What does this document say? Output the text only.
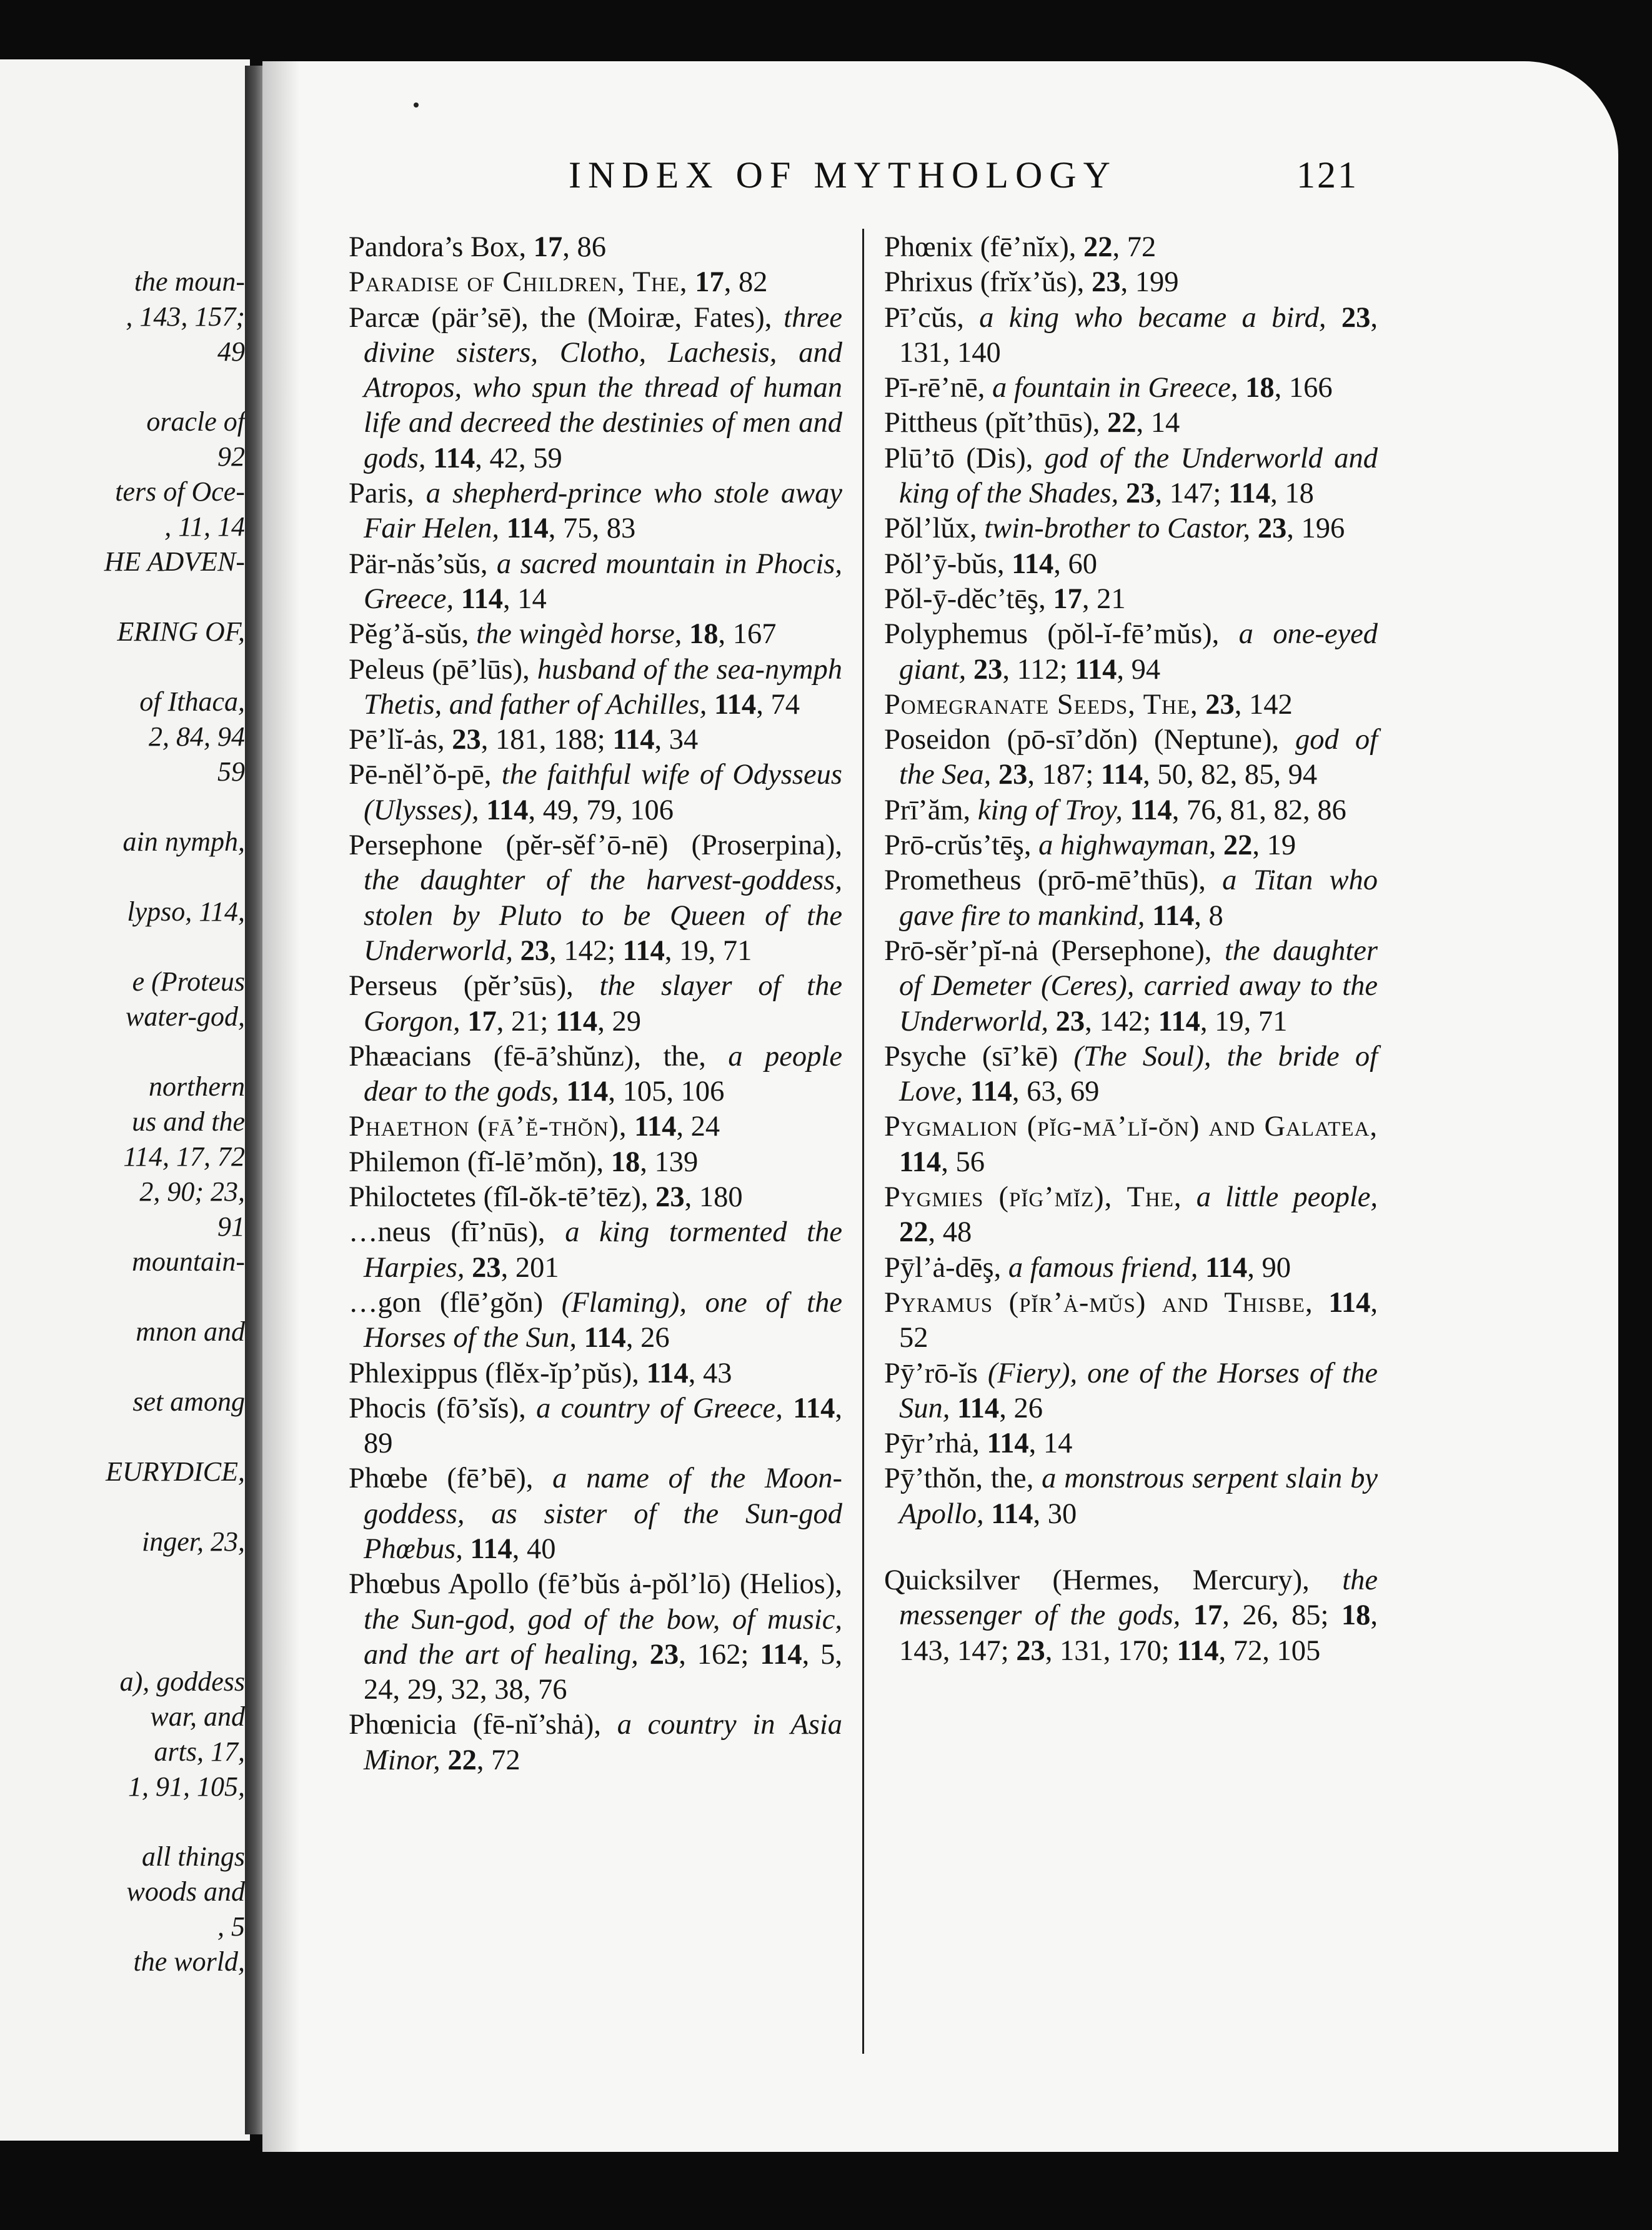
the moun-
, 143, 157;
49
oracle of
92
ters of Oce-
, 11, 14
HE ADVEN-
ERING OF,
of Ithaca,
2, 84, 94
59
ain nymph,
lypso, 114,
e (Proteus
water-god,
northern
us and the
114, 17, 72
2, 90; 23,
91
mountain-
mnon and
set among
EURYDICE,
inger, 23,
a), goddess
war, and
arts, 17,
1, 91, 105,
all things
woods and
, 5
the world,
INDEX OF MYTHOLOGY	121

Pandora’s Box, 17, 86

Paradise of Children, The, 17, 82

Parcæ (pär’sē), the (Moiræ, Fates), three divine sisters, Clotho, Lachesis, and Atropos, who spun the thread of human life and decreed the destinies of men and gods, 114, 42, 59

Paris, a shepherd-prince who stole away Fair Helen, 114, 75, 83

Pär-năs’sŭs, a sacred mountain in Phocis, Greece, 114, 14

Pĕg’ă-sŭs, the wingèd horse, 18, 167

Peleus (pē’lūs), husband of the sea-nymph Thetis, and father of Achilles, 114, 74

Pē’lĭ-ȧs, 23, 181, 188; 114, 34

Pē-nĕl’ŏ-pē, the faithful wife of Odysseus (Ulysses), 114, 49, 79, 106

Persephone (pĕr-sĕf’ō-nē) (Proserpina), the daughter of the harvest-goddess, stolen by Pluto to be Queen of the Underworld, 23, 142; 114, 19, 71

Perseus (pĕr’sūs), the slayer of the Gorgon, 17, 21; 114, 29

Phæacians (fē-ā’shŭnz), the, a people dear to the gods, 114, 105, 106

Phaethon (fā’ĕ-thŏn), 114, 24

Philemon (fĭ-lē’mŏn), 18, 139

Philoctetes (fĭl-ŏk-tē’tēz), 23, 180

…neus (fī’nūs), a king tormented the Harpies, 23, 201

…gon (flē’gŏn) (Flaming), one of the Horses of the Sun, 114, 26

Phlexippus (flĕx-ĭp’pŭs), 114, 43

Phocis (fō’sĭs), a country of Greece, 114, 89

Phœbe (fē’bē), a name of the Moon-goddess, as sister of the Sun-god Phœbus, 114, 40

Phœbus Apollo (fē’bŭs ȧ-pŏl’lō) (Helios), the Sun-god, god of the bow, of music, and the art of healing, 23, 162; 114, 5, 24, 29, 32, 38, 76

Phœnicia (fē-nĭ’shȧ), a country in Asia Minor, 22, 72

Phœnix (fē’nĭx), 22, 72

Phrixus (frĭx’ŭs), 23, 199

Pī’cŭs, a king who became a bird, 23, 131, 140

Pī-rē’nē, a fountain in Greece, 18, 166

Pittheus (pĭt’thūs), 22, 14

Plū’tō (Dis), god of the Underworld and king of the Shades, 23, 147; 114, 18

Pŏl’lŭx, twin-brother to Castor, 23, 196

Pŏl’ȳ-bŭs, 114, 60

Pŏl-ȳ-dĕc’tēş, 17, 21

Polyphemus (pŏl-ĭ-fē’mŭs), a one-eyed giant, 23, 112; 114, 94

Pomegranate Seeds, The, 23, 142

Poseidon (pō-sī’dŏn) (Neptune), god of the Sea, 23, 187; 114, 50, 82, 85, 94

Prī’ăm, king of Troy, 114, 76, 81, 82, 86

Prō-crŭs’tēş, a highwayman, 22, 19

Prometheus (prō-mē’thūs), a Titan who gave fire to mankind, 114, 8

Prō-sĕr’pĭ-nȧ (Persephone), the daughter of Demeter (Ceres), carried away to the Underworld, 23, 142; 114, 19, 71

Psyche (sī’kē) (The Soul), the bride of Love, 114, 63, 69

Pygmalion (pĭg-mā’lĭ-ŏn) and Galatea, 114, 56

Pygmies (pĭg’mĭz), The, a little people, 22, 48

Pȳl’ȧ-dēş, a famous friend, 114, 90

Pyramus (pĭr’ȧ-mŭs) and Thisbe, 114, 52

Pȳ’rō-ĭs (Fiery), one of the Horses of the Sun, 114, 26

Pȳr’rhȧ, 114, 14

Pȳ’thŏn, the, a monstrous serpent slain by Apollo, 114, 30

Quicksilver (Hermes, Mercury), the messenger of the gods, 17, 26, 85; 18, 143, 147; 23, 131, 170; 114, 72, 105
